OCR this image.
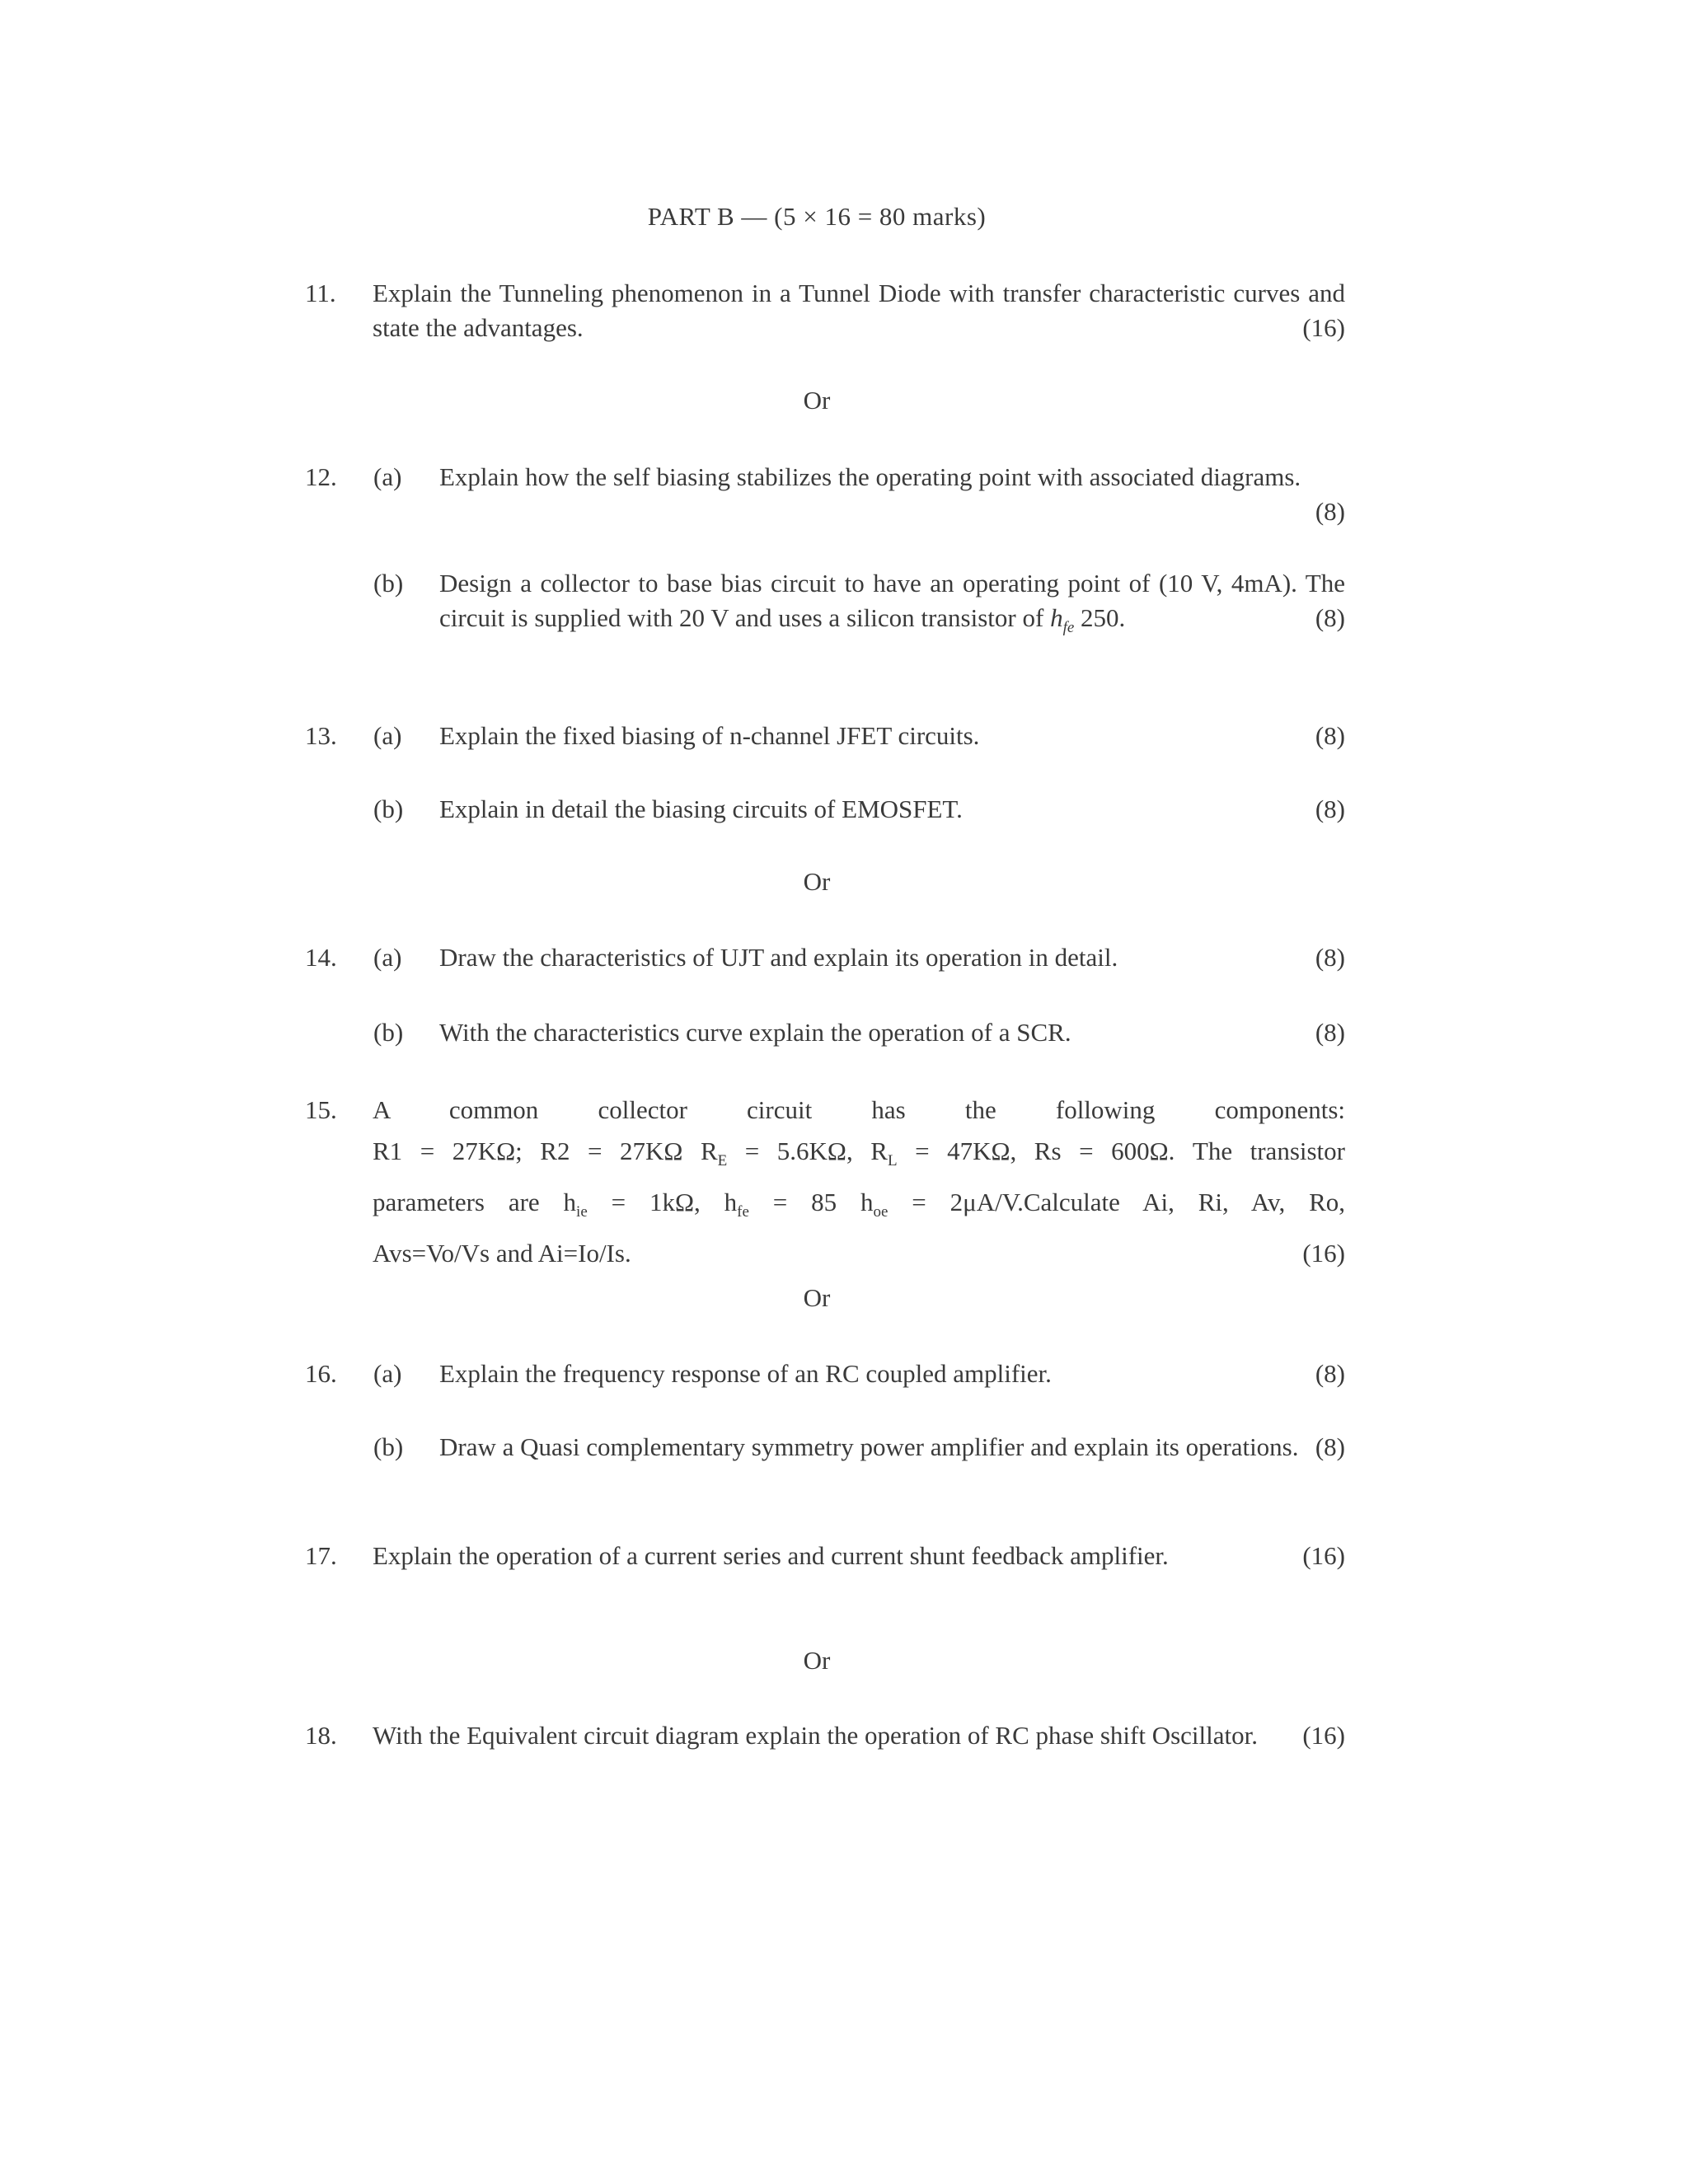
PART B — (5 × 16 = 80 marks)
11. Explain the Tunneling phenomenon in a Tunnel Diode with transfer characteristic curves and state the advantages.	(16)
Or
12. (a) Explain how the self biasing stabilizes the operating point with associated diagrams.
(8)
(b) Design a collector to base bias circuit to have an operating point of (10 V, 4mA). The circuit is supplied with 20 V and uses a silicon transistor of $h_{fe}$ 250.	(8)
13. (a) Explain the fixed biasing of n-channel JFET circuits.	(8)
(b) Explain in detail the biasing circuits of EMOSFET.	(8)
Or
14. (a) Draw the characteristics of UJT and explain its operation in detail.	(8)
(b) With the characteristics curve explain the operation of a SCR.	(8)
15. A common collector circuit has the following components:
R1 = 27KΩ; R2 = 27KΩ $R_E = 5.6K\Omega$, $R_L = 47K\Omega$, Rs = 600Ω. The transistor
parameters are $h_{ie} = 1k\Omega$, $h_{fe} = 85$ $h_{oe}$ = 2μA/V.Calculate Ai, Ri, Av, Ro,
Avs=Vo/Vs and Ai=Io/Is.	(16)
Or
16. (a) Explain the frequency response of an RC coupled amplifier.	(8)
(b) Draw a Quasi complementary symmetry power amplifier and explain its operations. (8)
17. Explain the operation of a current series and current shunt feedback amplifier.	(16)
Or
18. With the Equivalent circuit diagram explain the operation of RC phase shift Oscillator. (16)
